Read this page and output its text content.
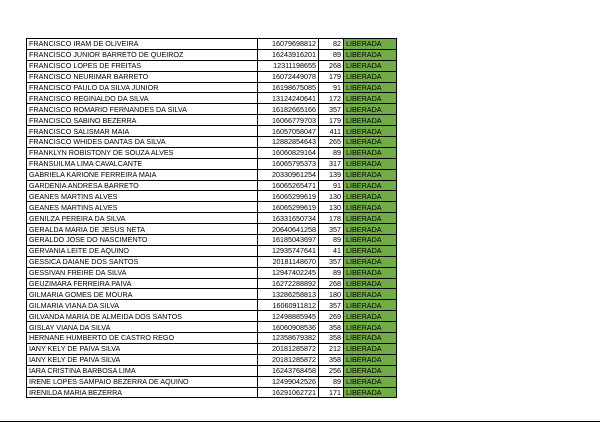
FRANCISCO IRAM DE OLIVEIRA	16079698812	82	LIBERADA
FRANCISCO JUNIOR BARRETO DE QUEIROZ	16243916201	89	LIBERADA
FRANCISCO LOPES DE FREITAS	12311198655	268	LIBERADA
FRANCISCO NEURIMAR BARRETO	16072449078	179	LIBERADA
FRANCISCO PAULO DA SILVA JUNIOR	16198675085	91	LIBERADA
FRANCISCO REGINALDO DA SILVA	13124240641	172	LIBERADA
FRANCISCO ROMARIO FERNANDES DA SILVA	16182665166	357	LIBERADA
FRANCISCO SABINO BEZERRA	16066779703	179	LIBERADA
FRANCISCO SALISMAR MAIA	16057058047	411	LIBERADA
FRANCISCO WHIDES DANTAS DA SILVA	12882854643	265	LIBERADA
FRANKLYN ROBISTONY DE SOUZA ALVES	16060829164	89	LIBERADA
FRANSUILMA LIMA CAVALCANTE	16065795373	317	LIBERADA
GABRIELA KARIONE FERREIRA MAIA	20330961254	139	LIBERADA
GARDENIA ANDRESA BARRETO	16065265471	91	LIBERADA
GEANES MARTINS ALVES	16065299619	130	LIBERADA
GEANES MARTINS ALVES	16065299619	130	LIBERADA
GENILZA PEREIRA DA SILVA	16331650734	178	LIBERADA
GERALDA MARIA DE JESUS NETA	20640641258	357	LIBERADA
GERALDO JOSE DO NASCIMENTO	16185043697	89	LIBERADA
GERVANIA LEITE DE AQUINO	12935747641	41	LIBERADA
GESSICA DAIANE DOS SANTOS	20181148670	357	LIBERADA
GESSIVAN FREIRE DA SILVA	12947402245	89	LIBERADA
GEUZIMARA FERREIRA PAIVA	16272288892	268	LIBERADA
GILMARIA GOMES DE MOURA	13286258813	180	LIBERADA
GILMARIA VIANA DA SILVA	16060911812	357	LIBERADA
GILVANDA MARIA DE ALMEIDA DOS SANTOS	12498885945	269	LIBERADA
GISLAY VIANA DA SILVA	16060908536	358	LIBERADA
HERNANE HUMBERTO DE CASTRO REGO	12358679382	358	LIBERADA
IANY KELY DE PAIVA SILVA	20181285872	212	LIBERADA
IANY KELY DE PAIVA SILVA	20181285872	358	LIBERADA
IARA CRISTINA BARBOSA LIMA	16243768458	256	LIBERADA
IRENE LOPES SAMPAIO BEZERRA DE AQUINO	12499042526	89	LIBERADA
IRENILDA MARIA BEZERRA	16291062721	171	LIBERADA
